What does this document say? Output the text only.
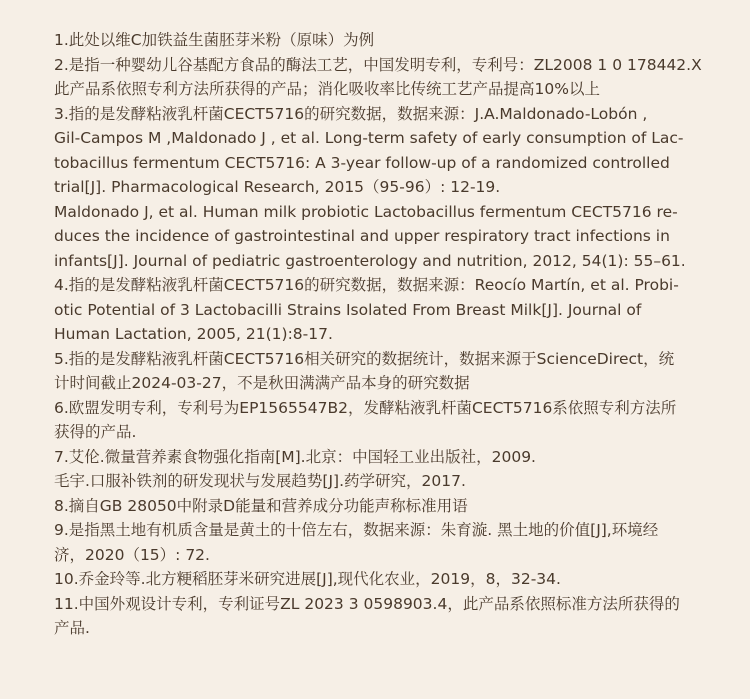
1.此处以维C加铁益生菌胚芽米粉（原味）为例
2.是指一种婴幼儿谷基配方食品的酶法工艺，中国发明专利，专利号：ZL2008 1 0 178442.X
此产品系依照专利方法所获得的产品；消化吸收率比传统工艺产品提高10%以上
3.指的是发酵粘液乳杆菌CECT5716的研究数据，数据来源：J.A.Maldonado-Lobón ,
Gil-Campos M ,Maldonado J , et al. Long-term safety of early consumption of Lac-
tobacillus fermentum CECT5716: A 3-year follow-up of a randomized controlled
trial[J]. Pharmacological Research, 2015（95-96）: 12-19.
Maldonado J, et al. Human milk probiotic Lactobacillus fermentum CECT5716 re-
duces the incidence of gastrointestinal and upper respiratory tract infections in
infants[J]. Journal of pediatric gastroenterology and nutrition, 2012, 54(1): 55–61.
4.指的是发酵粘液乳杆菌CECT5716的研究数据，数据来源：Reocío Martín, et al. Probi-
otic Potential of 3 Lactobacilli Strains Isolated From Breast Milk[J]. Journal of
Human Lactation, 2005, 21(1):8-17.
5.指的是发酵粘液乳杆菌CECT5716相关研究的数据统计，数据来源于ScienceDirect，统
计时间截止2024-03-27，不是秋田满满产品本身的研究数据
6.欧盟发明专利，专利号为EP1565547B2，发酵粘液乳杆菌CECT5716系依照专利方法所
获得的产品.
7.艾伦.微量营养素食物强化指南[M].北京：中国轻工业出版社，2009.
毛宇.口服补铁剂的研发现状与发展趋势[J].药学研究，2017.
8.摘自GB 28050中附录D能量和营养成分功能声称标准用语
9.是指黑土地有机质含量是黄土的十倍左右，数据来源：朱育漩. 黑土地的价值[J],环境经
济，2020（15）: 72.
10.乔金玲等.北方粳稻胚芽米研究进展[J],现代化农业，2019，8，32-34.
11.中国外观设计专利，专利证号ZL 2023 3 0598903.4，此产品系依照标准方法所获得的
产品.
